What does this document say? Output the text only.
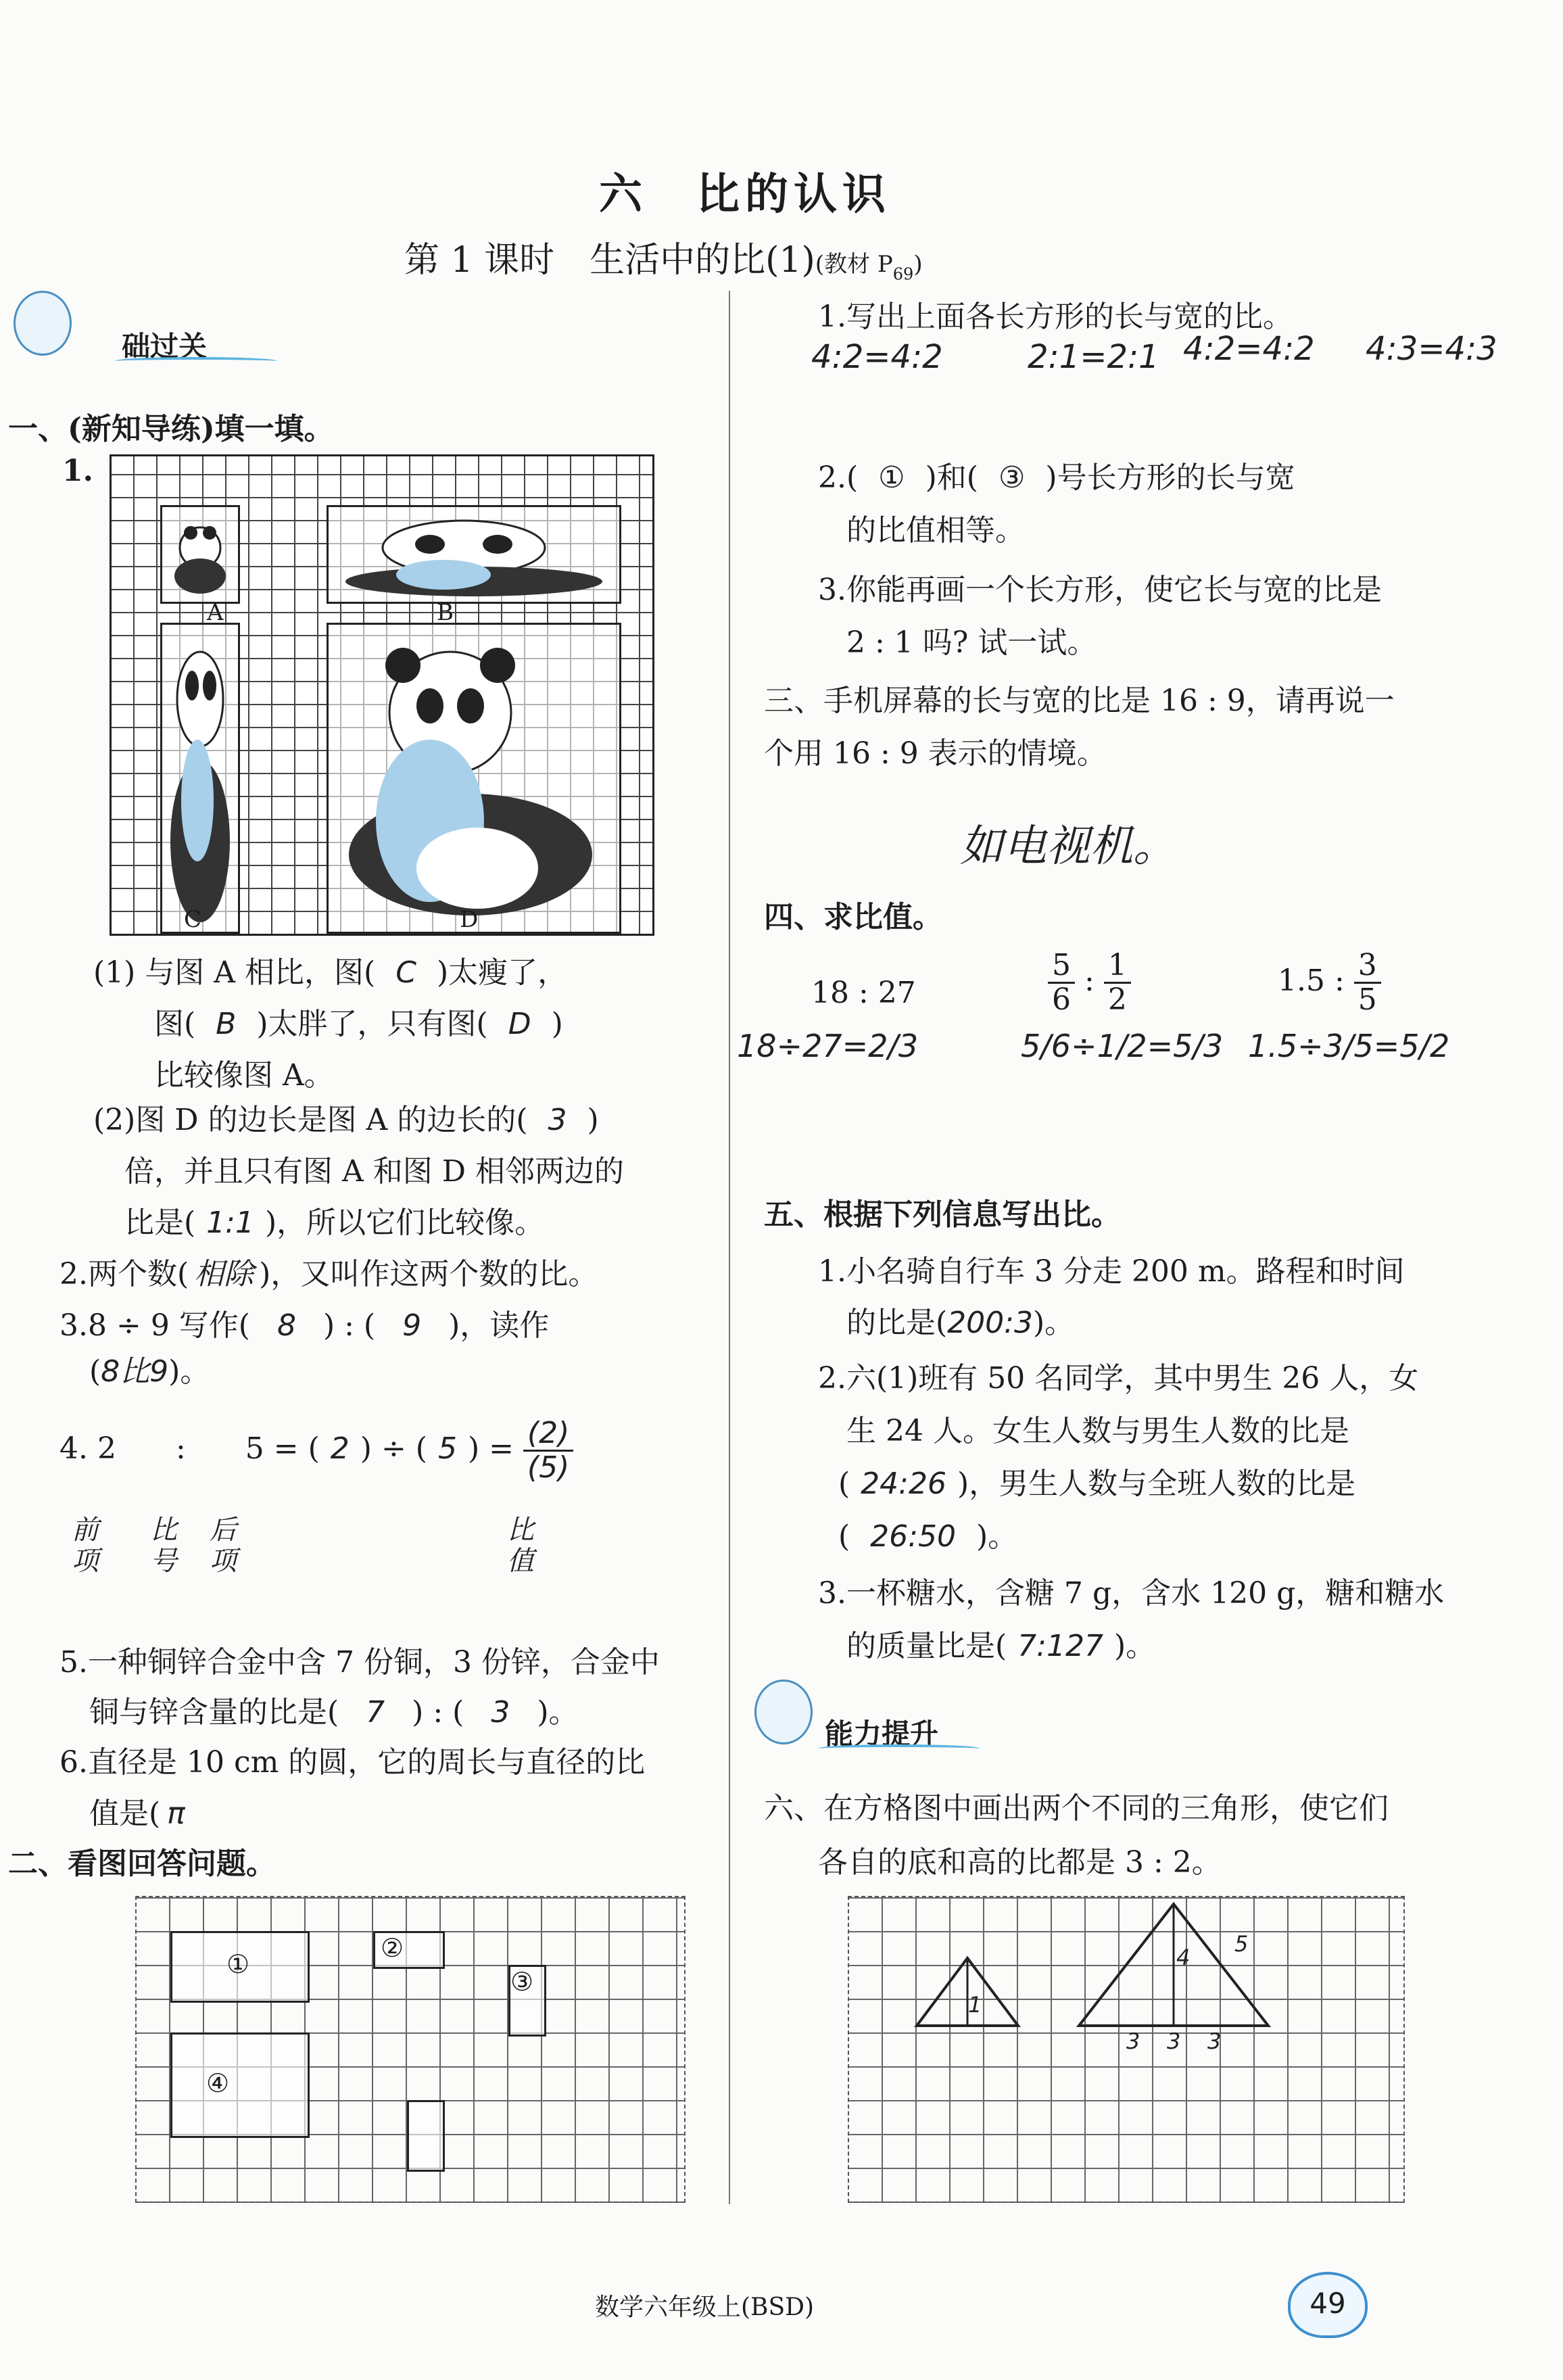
六　比的认识
第 1 课时　生活中的比(1)(教材 $P_{69}$)
础过关
一、(新知导练)填一填。
1.
A	B
C	D
(1) 与图 A 相比，图( C )太瘦了，
图( B )太胖了，只有图( D )
比较像图 A。
(2)图 D 的边长是图 A 的边长的( 3 )
倍，并且只有图 A 和图 D 相邻两边的
比是( 1:1 )，所以它们比较像。
2.两个数( 相除 )，又叫作这两个数的比。
3.8 ÷ 9 写作( 8 ) : ( 9 )，读作
(8比9)。
4. 2　　:　　5 = ( 2 ) ÷ ( 5 ) = $\frac{(2)}{(5)}$
前项
比号
后项
比值
5.一种铜锌合金中含 7 份铜，3 份锌，合金中
铜与锌含量的比是( 7 ) : ( 3 )。
6.直径是 10 cm 的圆，它的周长与直径的比
值是( π
二、看图回答问题。
①
②
③
④
1.写出上面各长方形的长与宽的比。
4:2=4:2	2:1=2:1 4:2=4:2 4:3=4:3
2.( ① )和( ③ )号长方形的长与宽
的比值相等。
3.你能再画一个长方形，使它长与宽的比是
2 : 1 吗? 试一试。
三、手机屏幕的长与宽的比是 16 : 9，请再说一
个用 16 : 9 表示的情境。
如电视机。
四、求比值。
18 : 27	$\frac{5}{6}$ : $\frac{1}{2}$	1.5 : $\frac{3}{5}$
18÷27=2/3	5/6÷1/2=5/3 1.5÷3/5=5/2
五、根据下列信息写出比。
1.小名骑自行车 3 分走 200 m。路程和时间
的比是(200:3)。
2.六(1)班有 50 名同学，其中男生 26 人，女
生 24 人。女生人数与男生人数的比是
( 24:26 )，男生人数与全班人数的比是
( 26:50 )。
3.一杯糖水，含糖 7 g，含水 120 g，糖和糖水
的质量比是( 7:127 )。
能力提升
六、在方格图中画出两个不同的三角形，使它们
各自的底和高的比都是 3 : 2。
1
4
5
3 3 3
数学六年级上(BSD)	49
